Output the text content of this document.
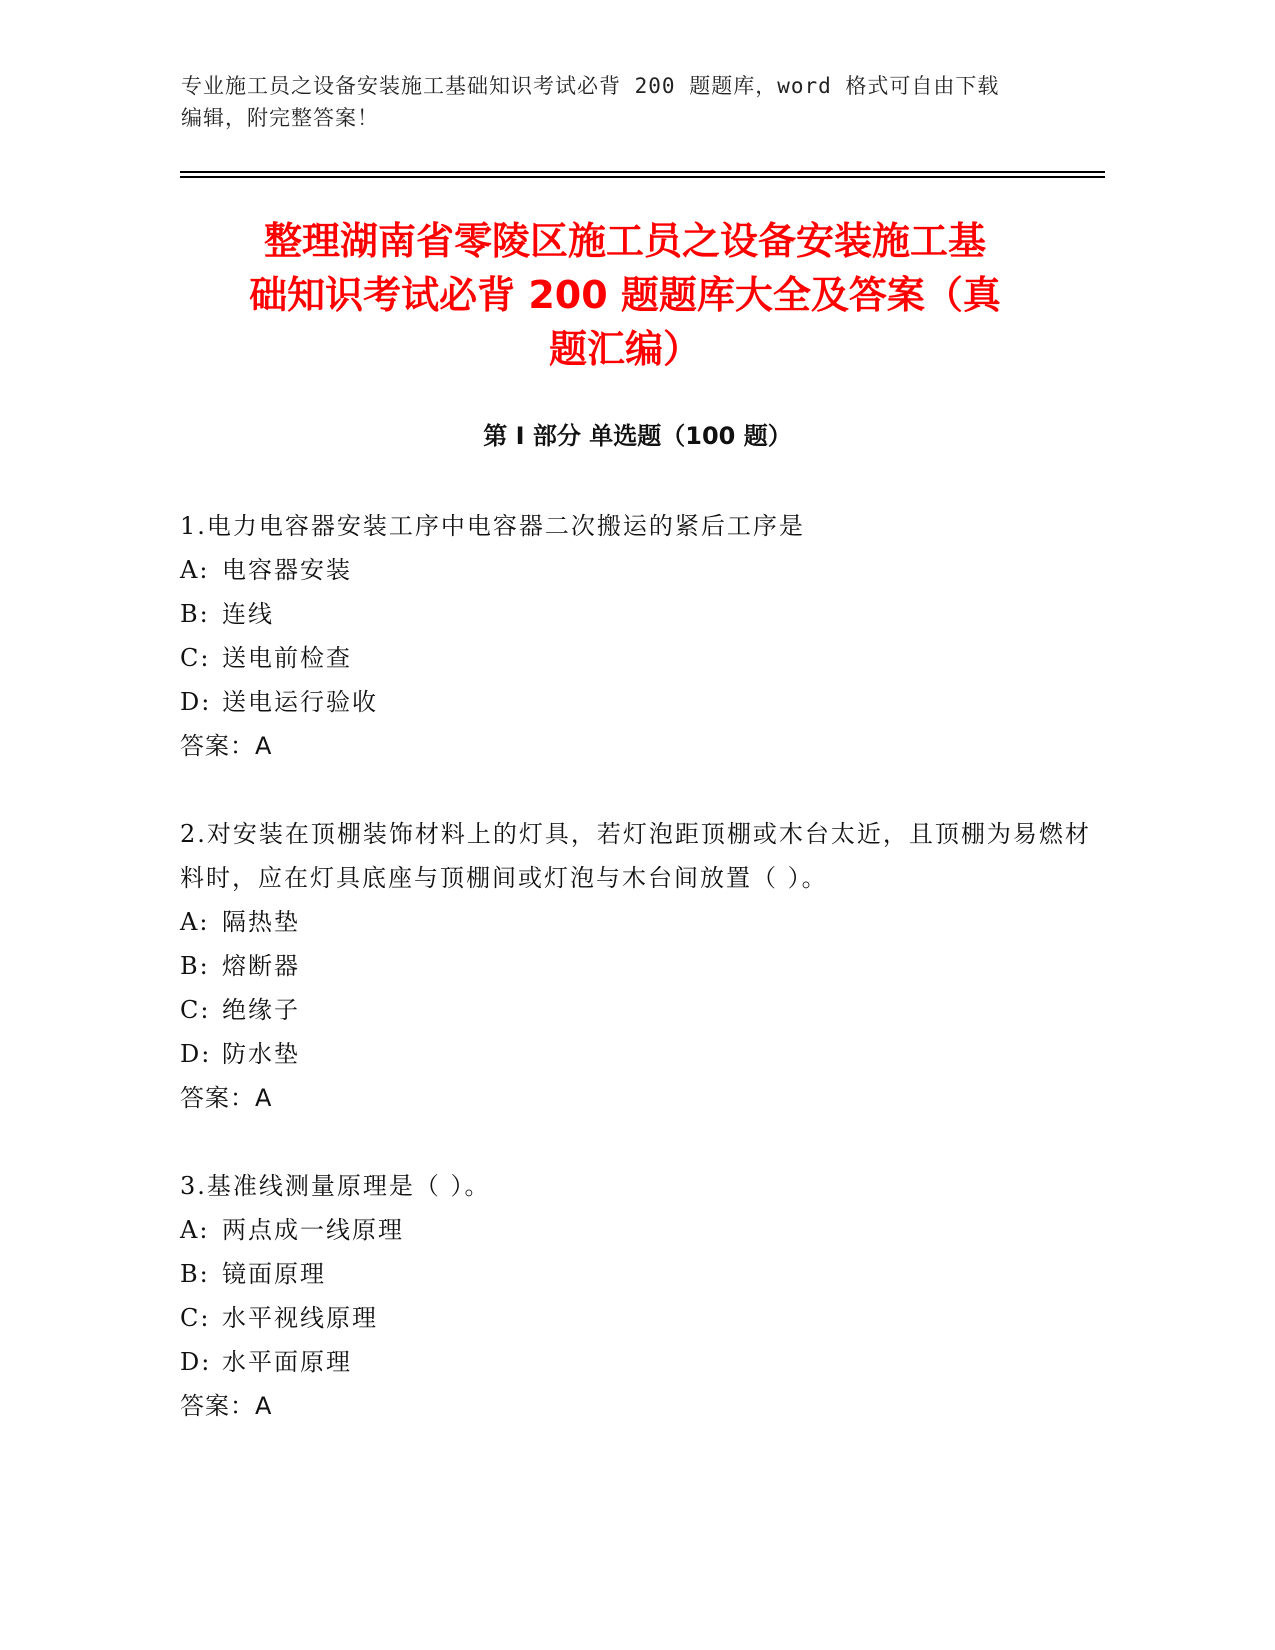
专业施工员之设备安装施工基础知识考试必背 200 题题库，word 格式可自由下载
编辑，附完整答案！
整理湖南省零陵区施工员之设备安装施工基
础知识考试必背 200 题题库大全及答案（真
题汇编）
第 I 部分 单选题（100 题）
1.电力电容器安装工序中电容器二次搬运的紧后工序是
A: 电容器安装
B: 连线
C: 送电前检查
D: 送电运行验收
答案：A
2.对安装在顶棚装饰材料上的灯具，若灯泡距顶棚或木台太近，且顶棚为易燃材料时，应在灯具底座与顶棚间或灯泡与木台间放置（ ）。
A: 隔热垫
B: 熔断器
C: 绝缘子
D: 防水垫
答案：A
3.基准线测量原理是（ ）。
A: 两点成一线原理
B: 镜面原理
C: 水平视线原理
D: 水平面原理
答案：A
